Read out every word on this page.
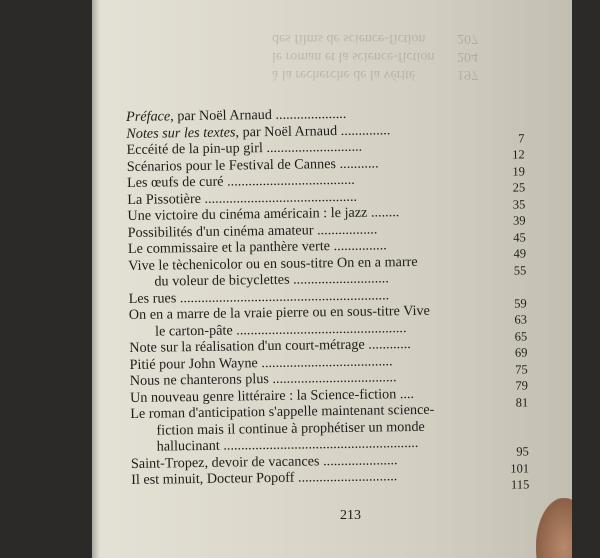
à la recherche de la vérité	197
le roman et la science-fiction 204
des films de science-fiction 207
Préface, par Noël Arnaud ....................
Notes sur les textes, par Noël Arnaud ..............	7
Eccéité de la pin-up girl ...........................	12
Scénarios pour le Festival de Cannes ...........	19
Les œufs de curé ....................................	25
La Pissotière ...........................................	35
Une victoire du cinéma américain : le jazz ........	39
Possibilités d'un cinéma amateur .................	45
Le commissaire et la panthère verte ...............	49
Vive le tèchenicolor ou en sous-titre On en a marre	55
du voleur de bicyclettes ...........................
Les rues ...........................................................	59
On en a marre de la vraie pierre ou en sous-titre Vive	63
le carton-pâte ................................................	65
Note sur la réalisation d'un court-métrage ............	69
Pitié pour John Wayne .....................................	75
Nous ne chanterons plus ...................................	79
Un nouveau genre littéraire : la Science-fiction ....	81
Le roman d'anticipation s'appelle maintenant science-
fiction mais il continue à prophétiser un monde
hallucinant .......................................................	95
Saint-Tropez, devoir de vacances .....................	101
Il est minuit, Docteur Popoff ............................	115
213
